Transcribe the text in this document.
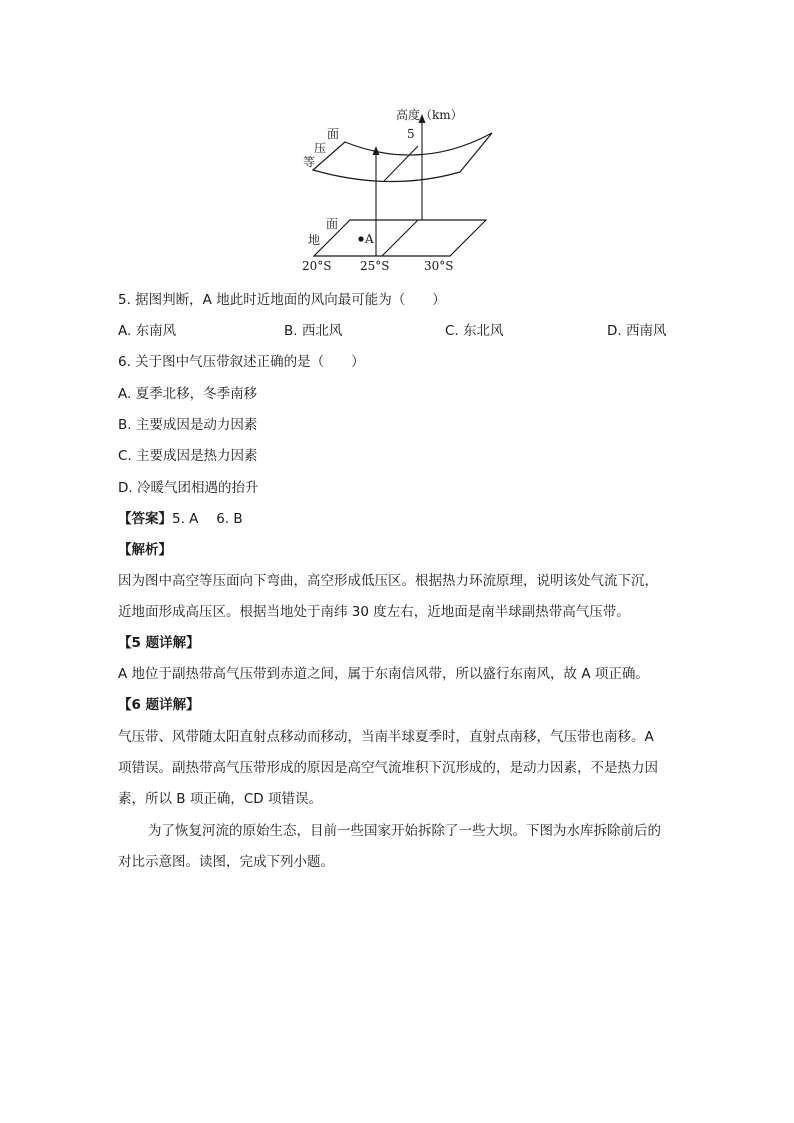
高度（km）
5
面
压
等
面
地	A
20°S 25°S	30°S
5. 据图判断，A 地此时近地面的风向最可能为（　　）
A. 东南风	B. 西北风	C. 东北风	D. 西南风
6. 关于图中气压带叙述正确的是（　　）
A. 夏季北移，冬季南移
B. 主要成因是动力因素
C. 主要成因是热力因素
D. 冷暖气团相遇的抬升
【答案】5. A　 6. B
【解析】
因为图中高空等压面向下弯曲，高空形成低压区。根据热力环流原理，说明该处气流下沉，
近地面形成高压区。根据当地处于南纬 30 度左右，近地面是南半球副热带高气压带。
【5 题详解】
A 地位于副热带高气压带到赤道之间，属于东南信风带，所以盛行东南风，故 A 项正确。
【6 题详解】
气压带、风带随太阳直射点移动而移动，当南半球夏季时，直射点南移，气压带也南移。A
项错误。副热带高气压带形成的原因是高空气流堆积下沉形成的，是动力因素，不是热力因
素，所以 B 项正确，CD 项错误。
为了恢复河流的原始生态，目前一些国家开始拆除了一些大坝。下图为水库拆除前后的
对比示意图。读图，完成下列小题。
